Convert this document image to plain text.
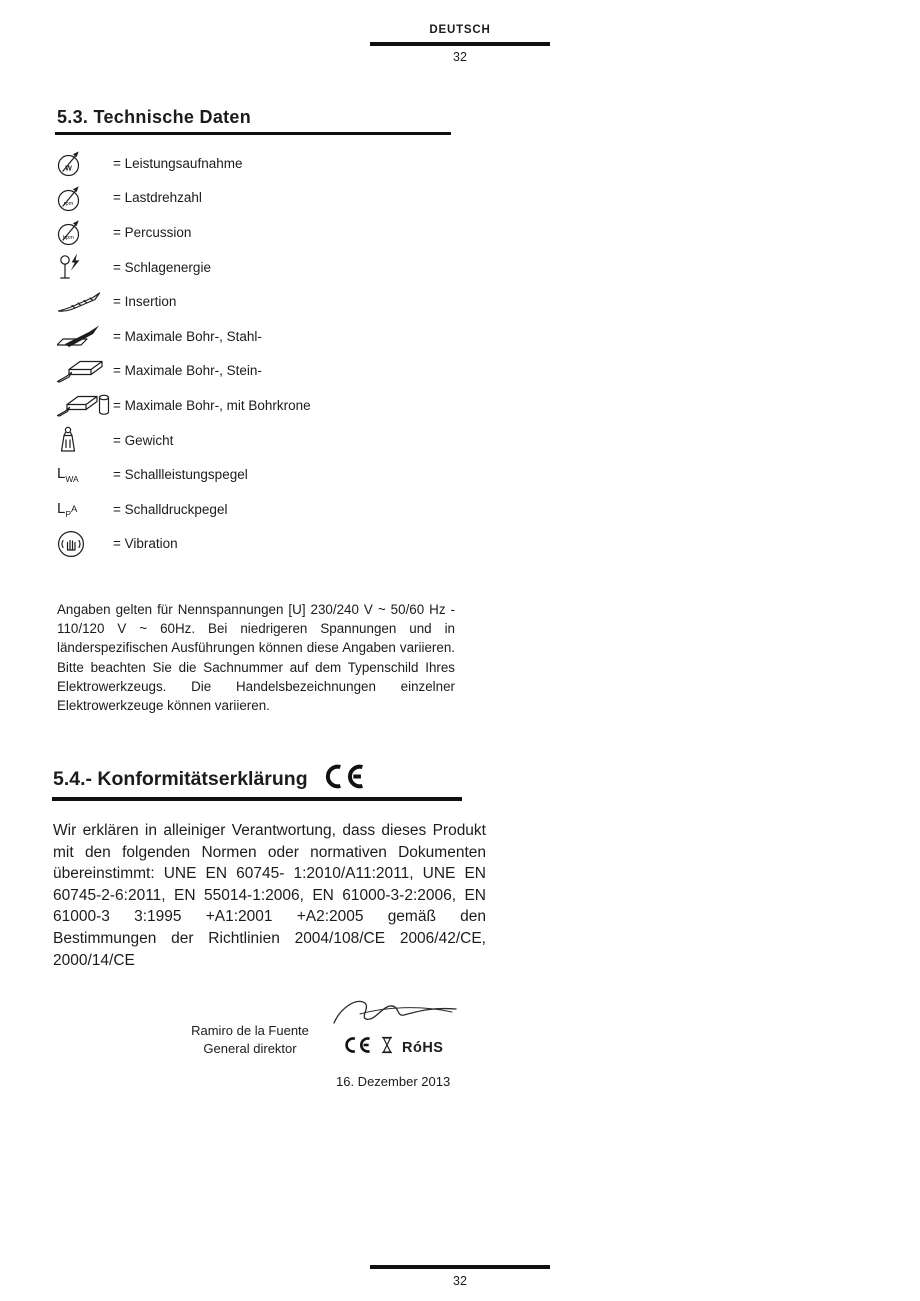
DEUTSCH
32
5.3. Technische Daten
W	= Leistungsaufnahme
rpm	= Lastdrehzahl
bpm	= Percussion
= Schlagenergie
= Insertion
= Maximale Bohr-, Stahl-
= Maximale Bohr-, Stein-
= Maximale Bohr-, mit Bohrkrone
= Gewicht
$L_{WA}$	= Schallleistungspegel
$L_PA$	= Schalldruckpegel
= Vibration
Angaben gelten für Nennspannungen [U] 230/240 V ~ 50/60 Hz - 110/120 V ~ 60Hz. Bei niedrigeren Spannungen und in länderspezifischen Ausführungen können diese Angaben variieren. Bitte beachten Sie die Sachnummer auf dem Typenschild Ihres Elektrowerkzeugs. Die Handelsbezeichnungen einzelner Elektrowerkzeuge können variieren.
5.4.- Konformitätserklärung
Wir erklären in alleiniger Verantwortung, dass dieses Produkt mit den folgenden Normen oder normativen Dokumenten übereinstimmt: UNE EN 60745- 1:2010/A11:2011, UNE EN 60745-2-6:2011, EN 55014-1:2006, EN 61000-3-2:2006, EN 61000-3 3:1995 +A1:2001 +A2:2005 gemäß den Bestimmungen der Richtlinien 2004/108/CE 2006/42/CE, 2000/14/CE
Ramiro de la Fuente
General direktor	RóHS
16. Dezember 2013
32
